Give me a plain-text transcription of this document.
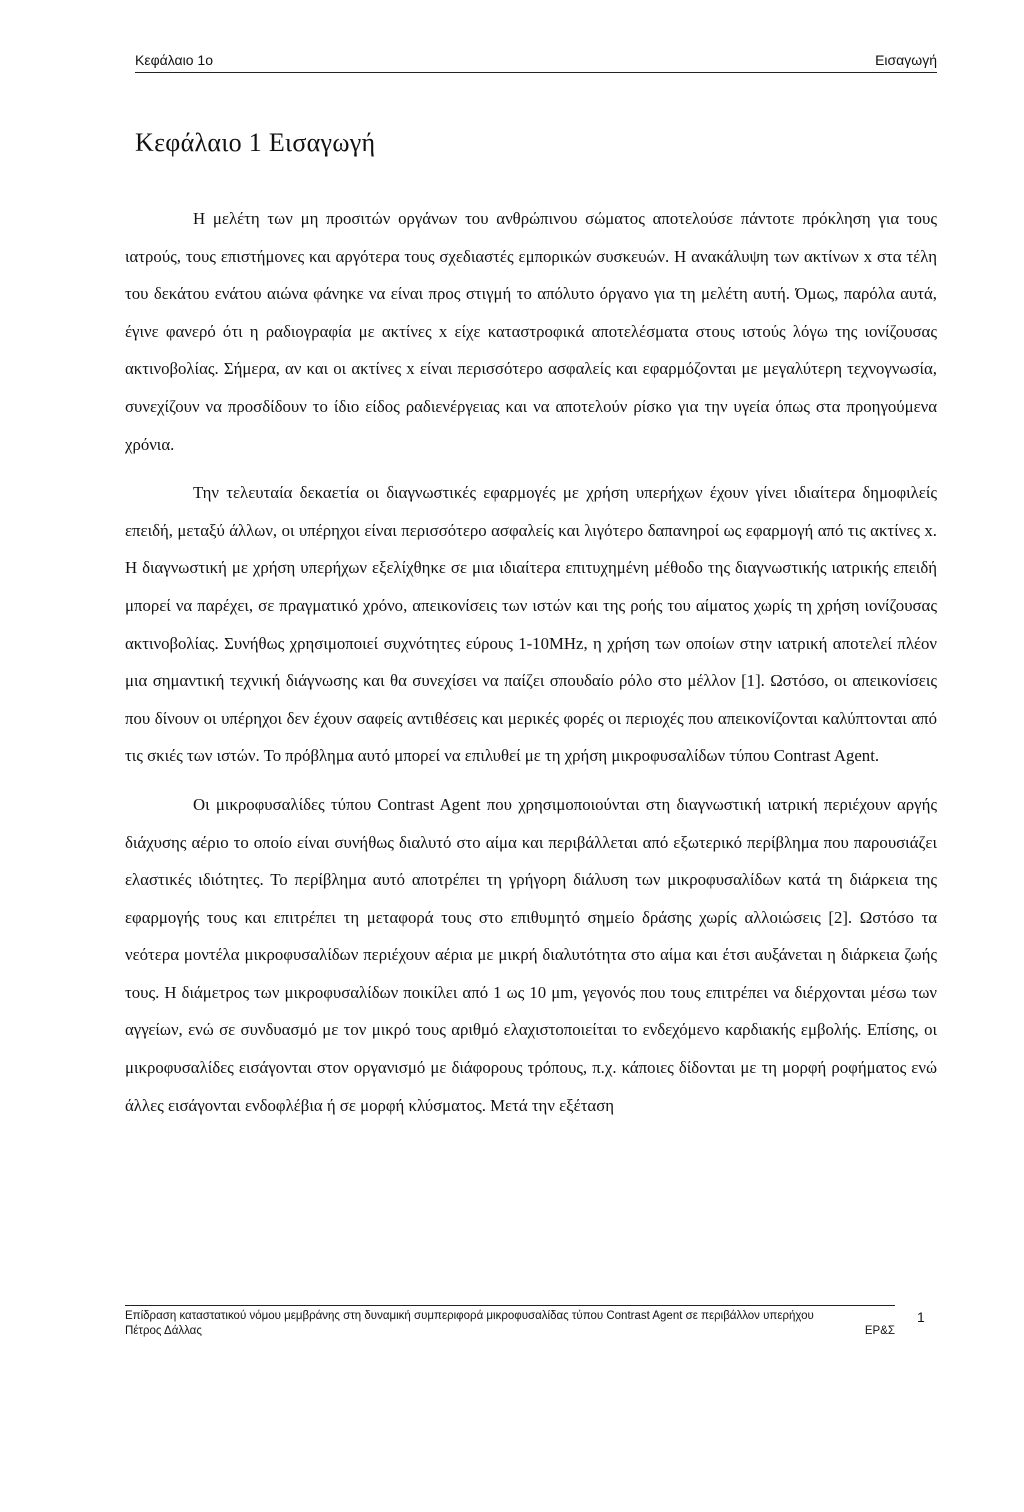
Κεφάλαιο 1ο	Εισαγωγή
Κεφάλαιο 1 Εισαγωγή

Η μελέτη των μη προσιτών οργάνων του ανθρώπινου σώματος αποτελούσε πάντοτε πρόκληση για τους ιατρούς, τους επιστήμονες και αργότερα τους σχεδιαστές εμπορικών συσκευών. Η ανακάλυψη των ακτίνων x στα τέλη του δεκάτου ενάτου αιώνα φάνηκε να είναι προς στιγμή το απόλυτο όργανο για τη μελέτη αυτή. Όμως, παρόλα αυτά, έγινε φανερό ότι η ραδιογραφία με ακτίνες x είχε καταστροφικά αποτελέσματα στους ιστούς λόγω της ιονίζουσας ακτινοβολίας. Σήμερα, αν και οι ακτίνες x είναι περισσότερο ασφαλείς και εφαρμόζονται με μεγαλύτερη τεχνογνωσία, συνεχίζουν να προσδίδουν το ίδιο είδος ραδιενέργειας και να αποτελούν ρίσκο για την υγεία όπως στα προηγούμενα χρόνια.

Την τελευταία δεκαετία οι διαγνωστικές εφαρμογές με χρήση υπερήχων έχουν γίνει ιδιαίτερα δημοφιλείς επειδή, μεταξύ άλλων, οι υπέρηχοι είναι περισσότερο ασφαλείς και λιγότερο δαπανηροί ως εφαρμογή από τις ακτίνες x. Η διαγνωστική με χρήση υπερήχων εξελίχθηκε σε μια ιδιαίτερα επιτυχημένη μέθοδο της διαγνωστικής ιατρικής επειδή μπορεί να παρέχει, σε πραγματικό χρόνο, απεικονίσεις των ιστών και της ροής του αίματος χωρίς τη χρήση ιονίζουσας ακτινοβολίας. Συνήθως χρησιμοποιεί συχνότητες εύρους 1-10MHz, η χρήση των οποίων στην ιατρική αποτελεί πλέον μια σημαντική τεχνική διάγνωσης και θα συνεχίσει να παίζει σπουδαίο ρόλο στο μέλλον [1]. Ωστόσο, οι απεικονίσεις που δίνουν οι υπέρηχοι δεν έχουν σαφείς αντιθέσεις και μερικές φορές οι περιοχές που απεικονίζονται καλύπτονται από τις σκιές των ιστών. Το πρόβλημα αυτό μπορεί να επιλυθεί με τη χρήση μικροφυσαλίδων τύπου Contrast Agent.

Οι μικροφυσαλίδες τύπου Contrast Agent που χρησιμοποιούνται στη διαγνωστική ιατρική περιέχουν αργής διάχυσης αέριο το οποίο είναι συνήθως διαλυτό στο αίμα και περιβάλλεται από εξωτερικό περίβλημα που παρουσιάζει ελαστικές ιδιότητες. Το περίβλημα αυτό αποτρέπει τη γρήγορη διάλυση των μικροφυσαλίδων κατά τη διάρκεια της εφαρμογής τους και επιτρέπει τη μεταφορά τους στο επιθυμητό σημείο δράσης χωρίς αλλοιώσεις [2]. Ωστόσο τα νεότερα μοντέλα μικροφυσαλίδων περιέχουν αέρια με μικρή διαλυτότητα στο αίμα και έτσι αυξάνεται η διάρκεια ζωής τους. Η διάμετρος των μικροφυσαλίδων ποικίλει από 1 ως 10 μm, γεγονός που τους επιτρέπει να διέρχονται μέσω των αγγείων, ενώ σε συνδυασμό με τον μικρό τους αριθμό ελαχιστοποιείται το ενδεχόμενο καρδιακής εμβολής. Επίσης, οι μικροφυσαλίδες εισάγονται στον οργανισμό με διάφορους τρόπους, π.χ. κάποιες δίδονται με τη μορφή ροφήματος ενώ άλλες εισάγονται ενδοφλέβια ή σε μορφή κλύσματος. Μετά την εξέταση

Επίδραση καταστατικού νόμου μεμβράνης στη δυναμική συμπεριφορά μικροφυσαλίδας τύπου Contrast Agent σε περιβάλλον υπερήχου	1
Πέτρος Δάλλας	ΕΡ&Σ
